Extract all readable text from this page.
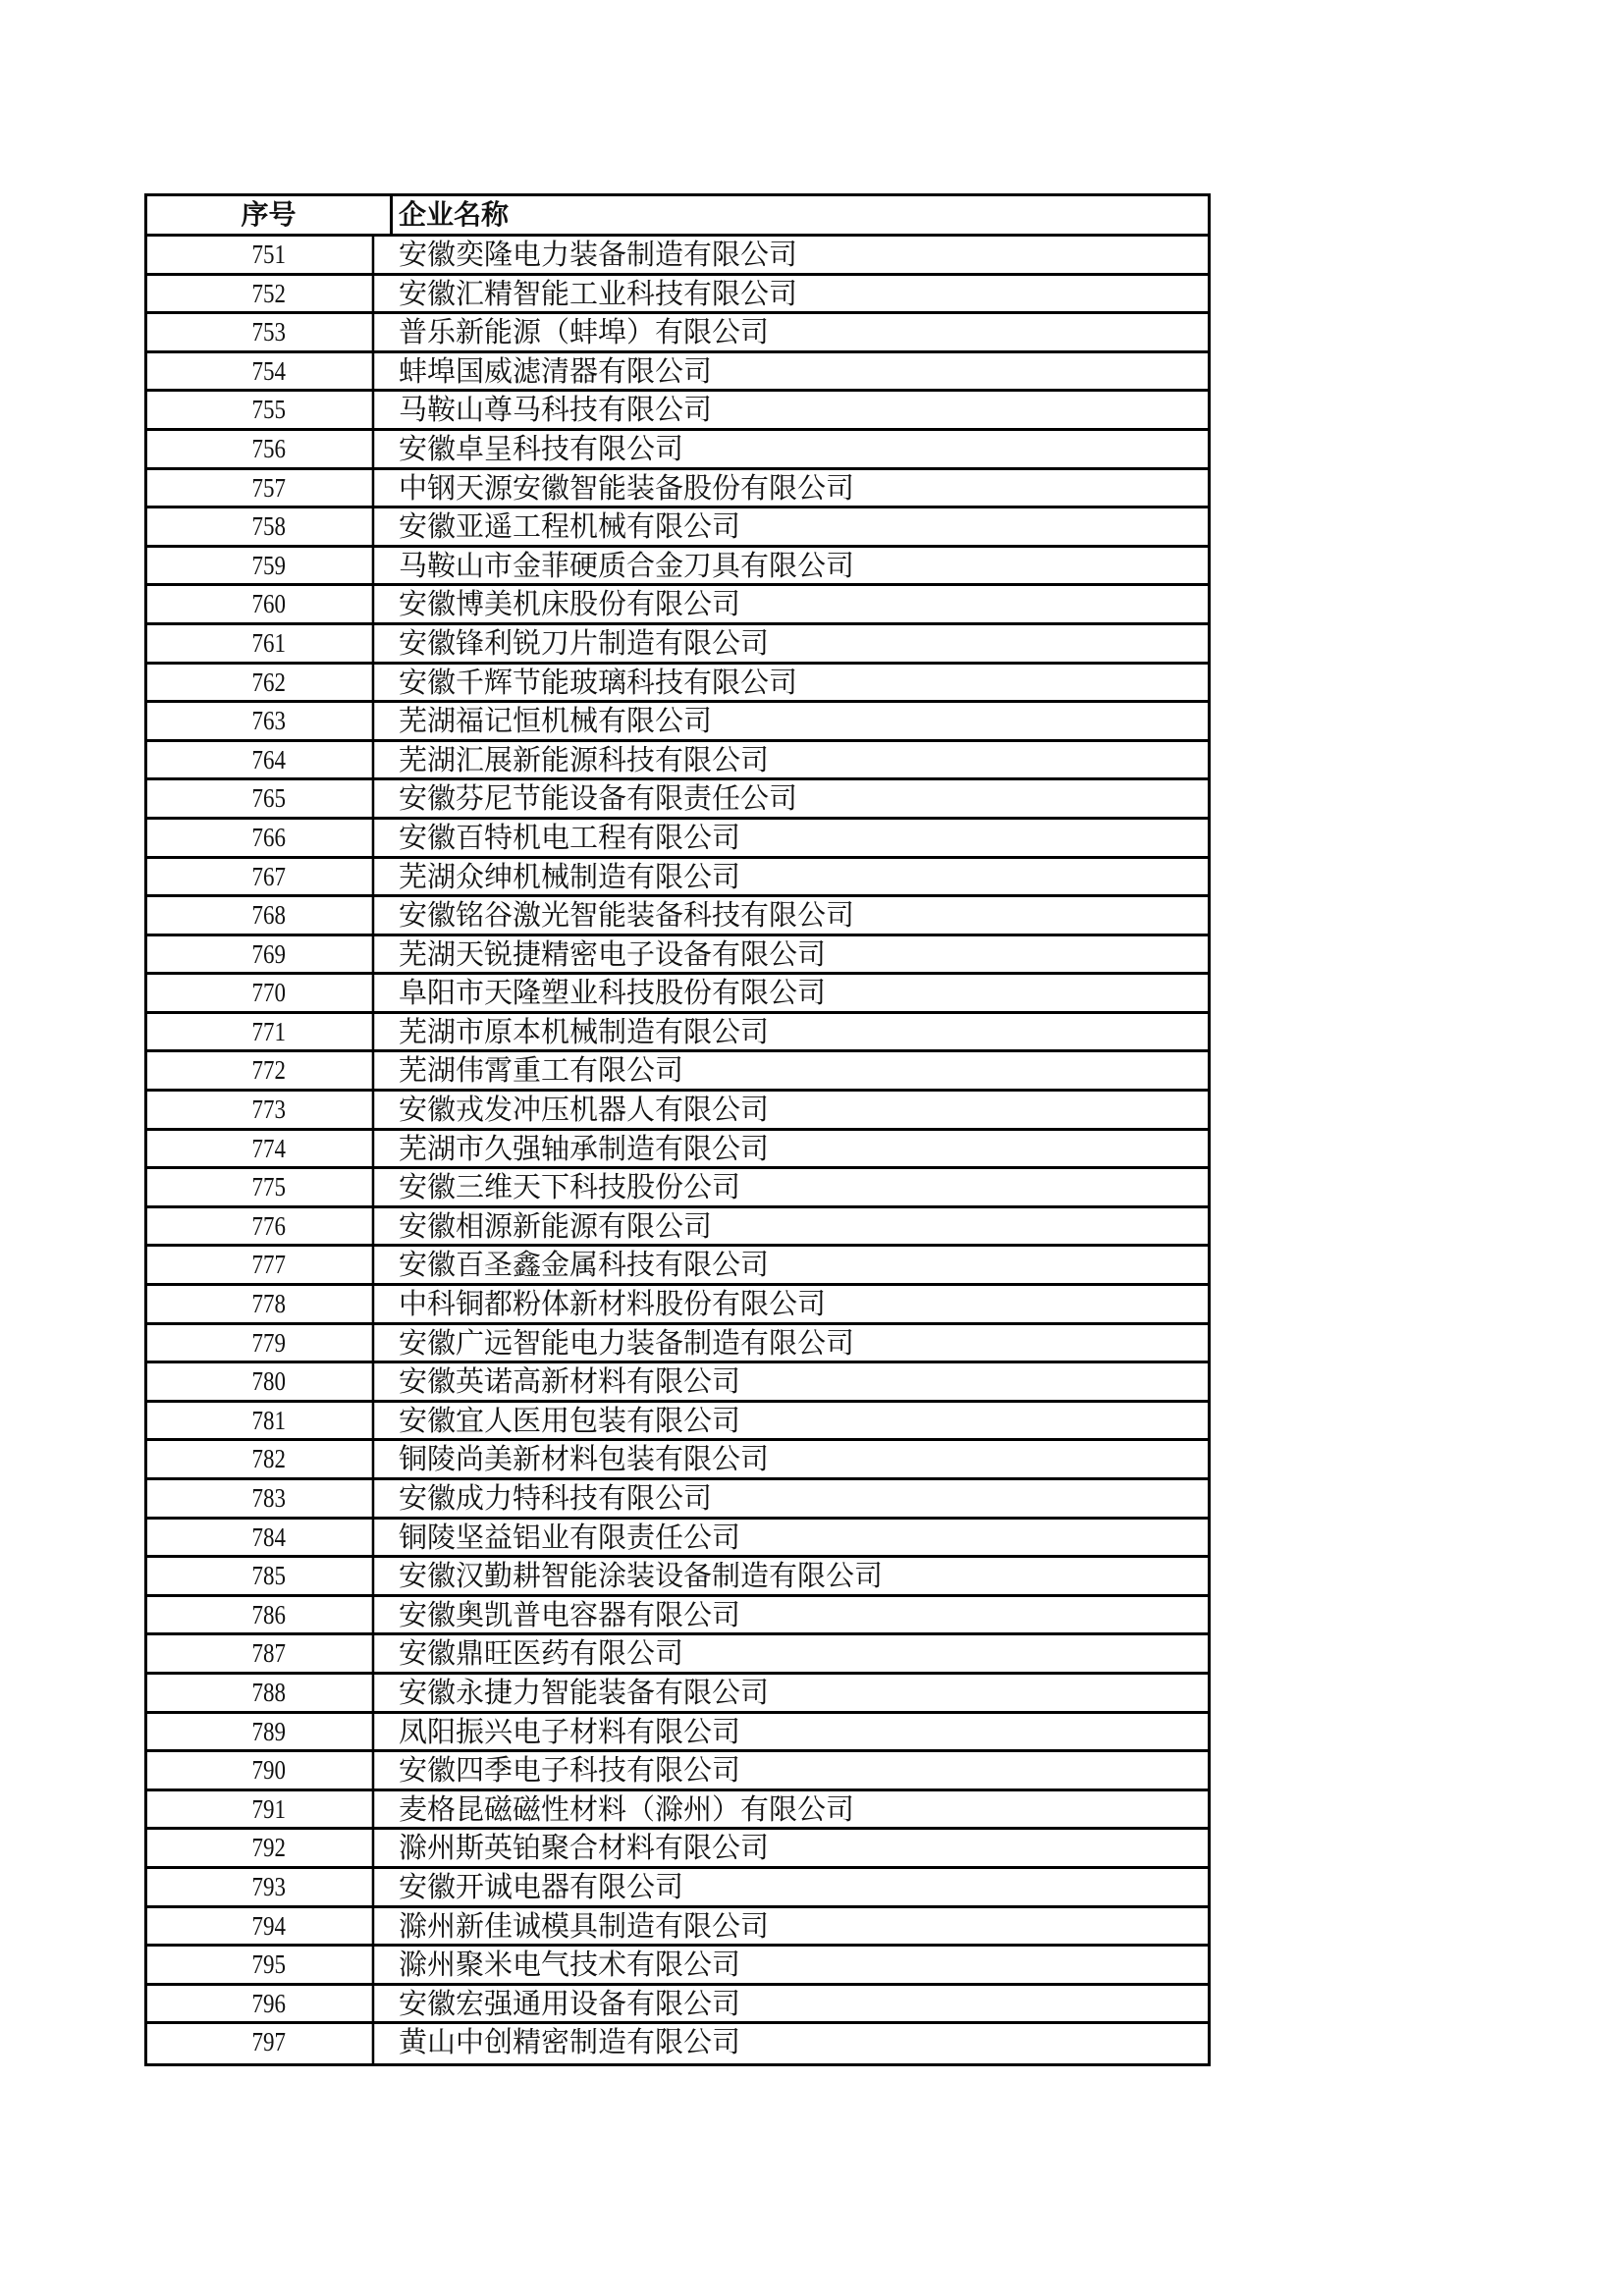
序号	企业名称
751	安徽奕隆电力装备制造有限公司
752	安徽汇精智能工业科技有限公司
753	普乐新能源（蚌埠）有限公司
754	蚌埠国威滤清器有限公司
755	马鞍山尊马科技有限公司
756	安徽卓呈科技有限公司
757	中钢天源安徽智能装备股份有限公司
758	安徽亚遥工程机械有限公司
759	马鞍山市金菲硬质合金刀具有限公司
760	安徽博美机床股份有限公司
761	安徽锋利锐刀片制造有限公司
762	安徽千辉节能玻璃科技有限公司
763	芜湖福记恒机械有限公司
764	芜湖汇展新能源科技有限公司
765	安徽芬尼节能设备有限责任公司
766	安徽百特机电工程有限公司
767	芜湖众绅机械制造有限公司
768	安徽铭谷激光智能装备科技有限公司
769	芜湖天锐捷精密电子设备有限公司
770	阜阳市天隆塑业科技股份有限公司
771	芜湖市原本机械制造有限公司
772	芜湖伟霄重工有限公司
773	安徽戎发冲压机器人有限公司
774	芜湖市久强轴承制造有限公司
775	安徽三维天下科技股份公司
776	安徽相源新能源有限公司
777	安徽百圣鑫金属科技有限公司
778	中科铜都粉体新材料股份有限公司
779	安徽广远智能电力装备制造有限公司
780	安徽英诺高新材料有限公司
781	安徽宜人医用包装有限公司
782	铜陵尚美新材料包装有限公司
783	安徽成力特科技有限公司
784	铜陵坚益铝业有限责任公司
785	安徽汉勤耕智能涂装设备制造有限公司
786	安徽奥凯普电容器有限公司
787	安徽鼎旺医药有限公司
788	安徽永捷力智能装备有限公司
789	凤阳振兴电子材料有限公司
790	安徽四季电子科技有限公司
791	麦格昆磁磁性材料（滁州）有限公司
792	滁州斯英铂聚合材料有限公司
793	安徽开诚电器有限公司
794	滁州新佳诚模具制造有限公司
795	滁州聚米电气技术有限公司
796	安徽宏强通用设备有限公司
797	黄山中创精密制造有限公司
